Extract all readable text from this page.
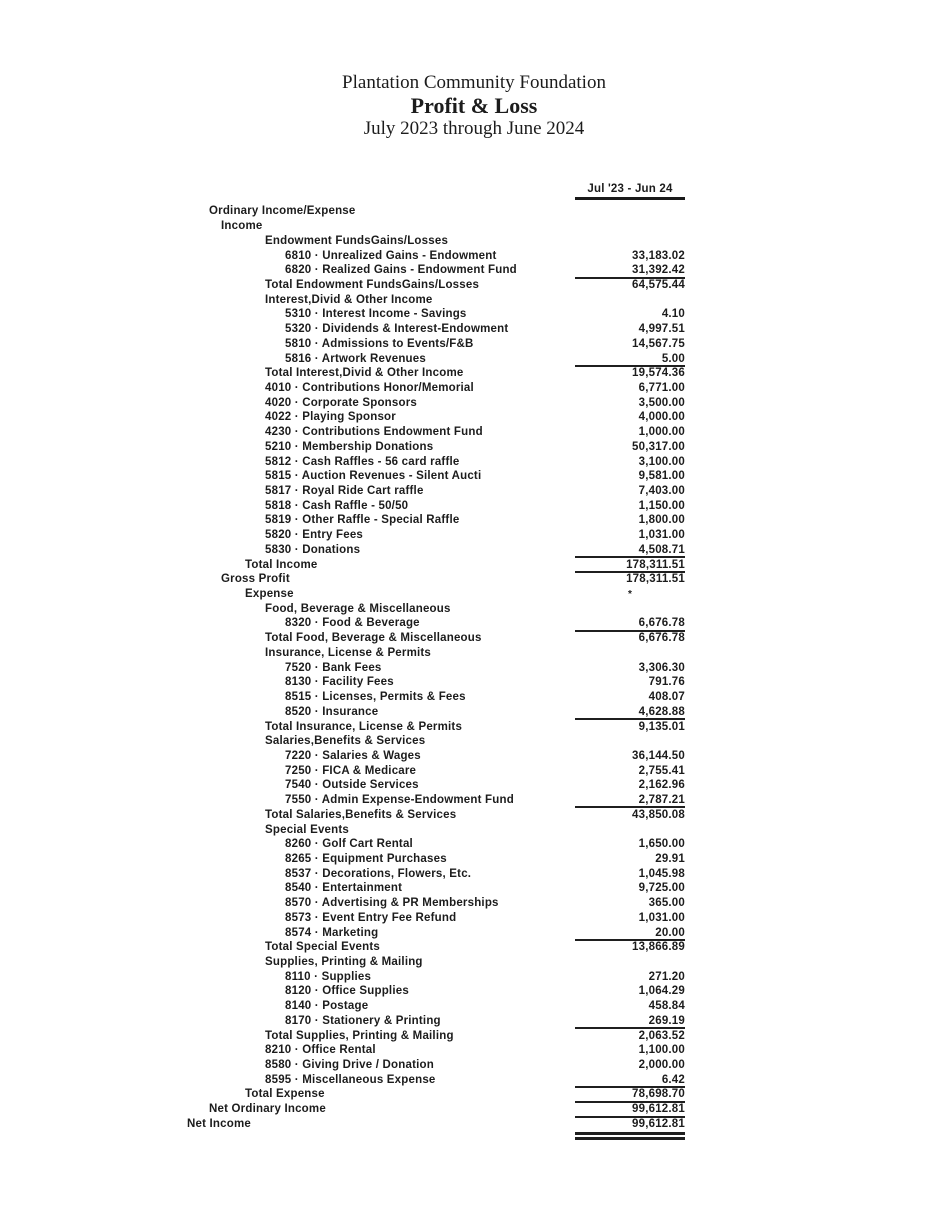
Plantation Community Foundation
Profit & Loss
July 2023 through June 2024
Jul '23 - Jun 24
Ordinary Income/Expense
Income
Endowment FundsGains/Losses
6810 · Unrealized Gains - Endowment	33,183.02
6820 · Realized Gains - Endowment Fund	31,392.42
Total Endowment FundsGains/Losses	64,575.44
Interest,Divid & Other Income
5310 · Interest Income - Savings	4.10
5320 · Dividends & Interest-Endowment	4,997.51
5810 · Admissions to Events/F&B	14,567.75
5816 · Artwork Revenues	5.00
Total Interest,Divid & Other Income	19,574.36
4010 · Contributions Honor/Memorial	6,771.00
4020 · Corporate Sponsors	3,500.00
4022 · Playing Sponsor	4,000.00
4230 · Contributions Endowment Fund	1,000.00
5210 · Membership Donations	50,317.00
5812 · Cash Raffles - 56 card raffle	3,100.00
5815 · Auction Revenues - Silent Aucti	9,581.00
5817 · Royal Ride Cart raffle	7,403.00
5818 · Cash Raffle - 50/50	1,150.00
5819 · Other Raffle - Special Raffle	1,800.00
5820 · Entry Fees	1,031.00
5830 · Donations	4,508.71
Total Income	178,311.51
Gross Profit	178,311.51
Expense	*
Food, Beverage & Miscellaneous
8320 · Food & Beverage	6,676.78
Total Food, Beverage & Miscellaneous	6,676.78
Insurance, License & Permits
7520 · Bank Fees	3,306.30
8130 · Facility Fees	791.76
8515 · Licenses, Permits & Fees	408.07
8520 · Insurance	4,628.88
Total Insurance, License & Permits	9,135.01
Salaries,Benefits & Services
7220 · Salaries & Wages	36,144.50
7250 · FICA & Medicare	2,755.41
7540 · Outside Services	2,162.96
7550 · Admin Expense-Endowment Fund	2,787.21
Total Salaries,Benefits & Services	43,850.08
Special Events
8260 · Golf Cart Rental	1,650.00
8265 · Equipment Purchases	29.91
8537 · Decorations, Flowers, Etc.	1,045.98
8540 · Entertainment	9,725.00
8570 · Advertising & PR Memberships	365.00
8573 · Event Entry Fee Refund	1,031.00
8574 · Marketing	20.00
Total Special Events	13,866.89
Supplies, Printing & Mailing
8110 · Supplies	271.20
8120 · Office Supplies	1,064.29
8140 · Postage	458.84
8170 · Stationery & Printing	269.19
Total Supplies, Printing & Mailing	2,063.52
8210 · Office Rental	1,100.00
8580 · Giving Drive / Donation	2,000.00
8595 · Miscellaneous Expense	6.42
Total Expense	78,698.70
Net Ordinary Income	99,612.81
Net Income	99,612.81
